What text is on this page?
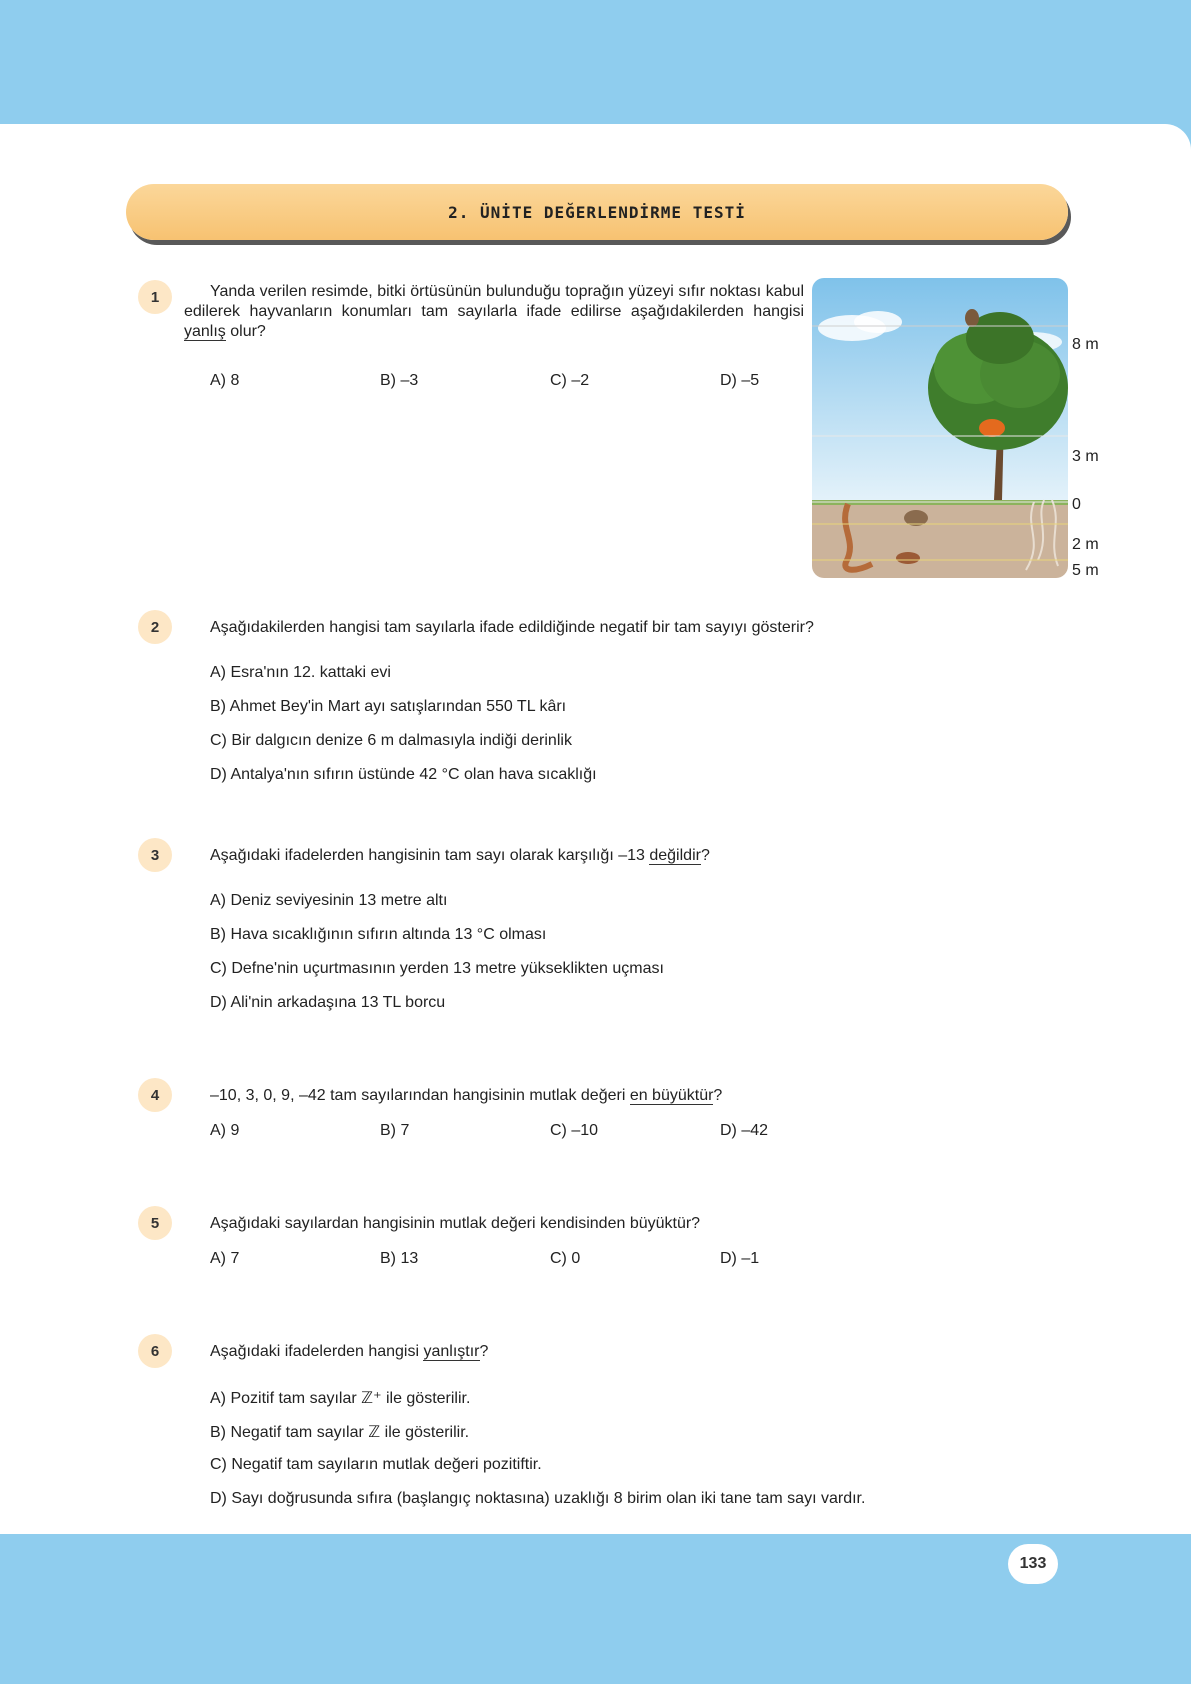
2. ÜNİTE
2. ÜNİTE DEĞERLENDİRME TESTİ
1	Yanda verilen resimde, bitki örtüsünün bulunduğu toprağın yüzeyi sıfır noktası kabul edilerek hayvanların konumları tam sayılarla ifade edilirse aşağıdakilerden hangisi yanlış olur?
A) 8	B) –3	C) –2	D) –5
8 m
3 m
0
2 m
5 m
2	Aşağıdakilerden hangisi tam sayılarla ifade edildiğinde negatif bir tam sayıyı gösterir?
A) Esra'nın 12. kattaki evi
B) Ahmet Bey'in Mart ayı satışlarından 550 TL kârı
C) Bir dalgıcın denize 6 m dalmasıyla indiği derinlik
D) Antalya'nın sıfırın üstünde 42 °C olan hava sıcaklığı
3	Aşağıdaki ifadelerden hangisinin tam sayı olarak karşılığı –13 değildir?
A) Deniz seviyesinin 13 metre altı
B) Hava sıcaklığının sıfırın altında 13 °C olması
C) Defne'nin uçurtmasının yerden 13 metre yükseklikten uçması
D) Ali'nin arkadaşına 13 TL borcu
4	–10, 3, 0, 9, –42 tam sayılarından hangisinin mutlak değeri en büyüktür?
A) 9	B) 7	C) –10	D) –42
5	Aşağıdaki sayılardan hangisinin mutlak değeri kendisinden büyüktür?
A) 7	B) 13	C) 0	D) –1
6	Aşağıdaki ifadelerden hangisi yanlıştır?
A) Pozitif tam sayılar ℤ⁺ ile gösterilir.
B) Negatif tam sayılar ℤ ile gösterilir.
C) Negatif tam sayıların mutlak değeri pozitiftir.
D) Sayı doğrusunda sıfıra (başlangıç noktasına) uzaklığı 8 birim olan iki tane tam sayı vardır.
133
